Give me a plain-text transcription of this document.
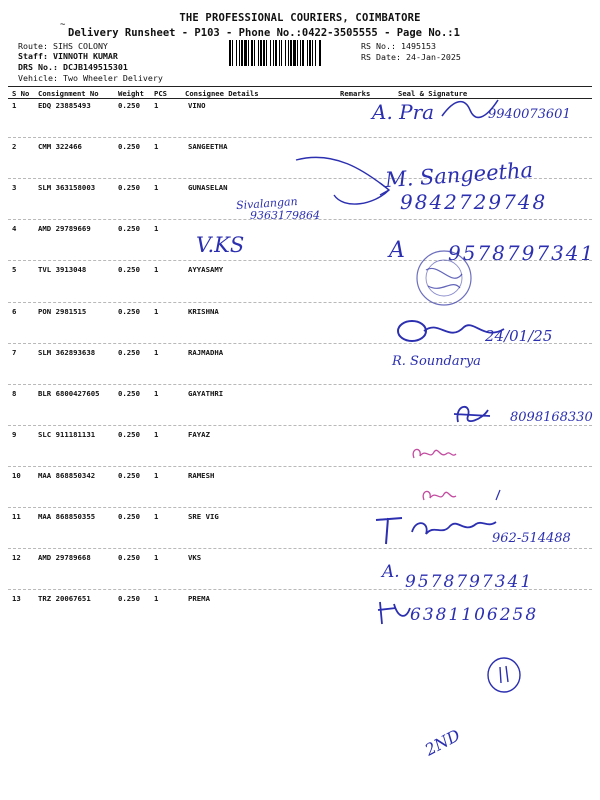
THE PROFESSIONAL COURIERS, COIMBATORE
~
Delivery Runsheet - P103 - Phone No.:0422-3505555 - Page No.:1
Route: SIHS COLONY
Staff: VINNOTH KUMAR
DRS No.: DCJB149515301
Vehicle: Two Wheeler Delivery
RS No.: 1495153
RS Date: 24-Jan-2025
S No Consignment No	Weight PCS	Consignee Details	Remarks	Seal & Signature
1	EDQ 23885493	0.250 1	VINO
2	CMM 322466	0.250 1	SANGEETHA
3	SLM 363158003	0.250 1	GUNASELAN
4	AMD 29789669	0.250 1
5	TVL 3913048	0.250 1	AYYASAMY
6	PON 2981515	0.250 1	KRISHNA
7	SLM 362893638	0.250 1	RAJMADHA
8	BLR 6800427605	0.250 1	GAYATHRI
9	SLC 911181131	0.250 1	FAYAZ
10 MAA 868850342	0.250 1	RAMESH
11 MAA 868850355	0.250 1	SRE VIG
12 AMD 29789668	0.250 1	VKS
13 TRZ 20067651	0.250 1	PREMA
A. Pra	9940073601
Sivalangan
9363179864
M. Sangeetha
9842729748
V.KS	A 9578797341
24/01/25
R. Soundarya
8098168330
962-514488
A. 9578797341
6381106258
2ND
